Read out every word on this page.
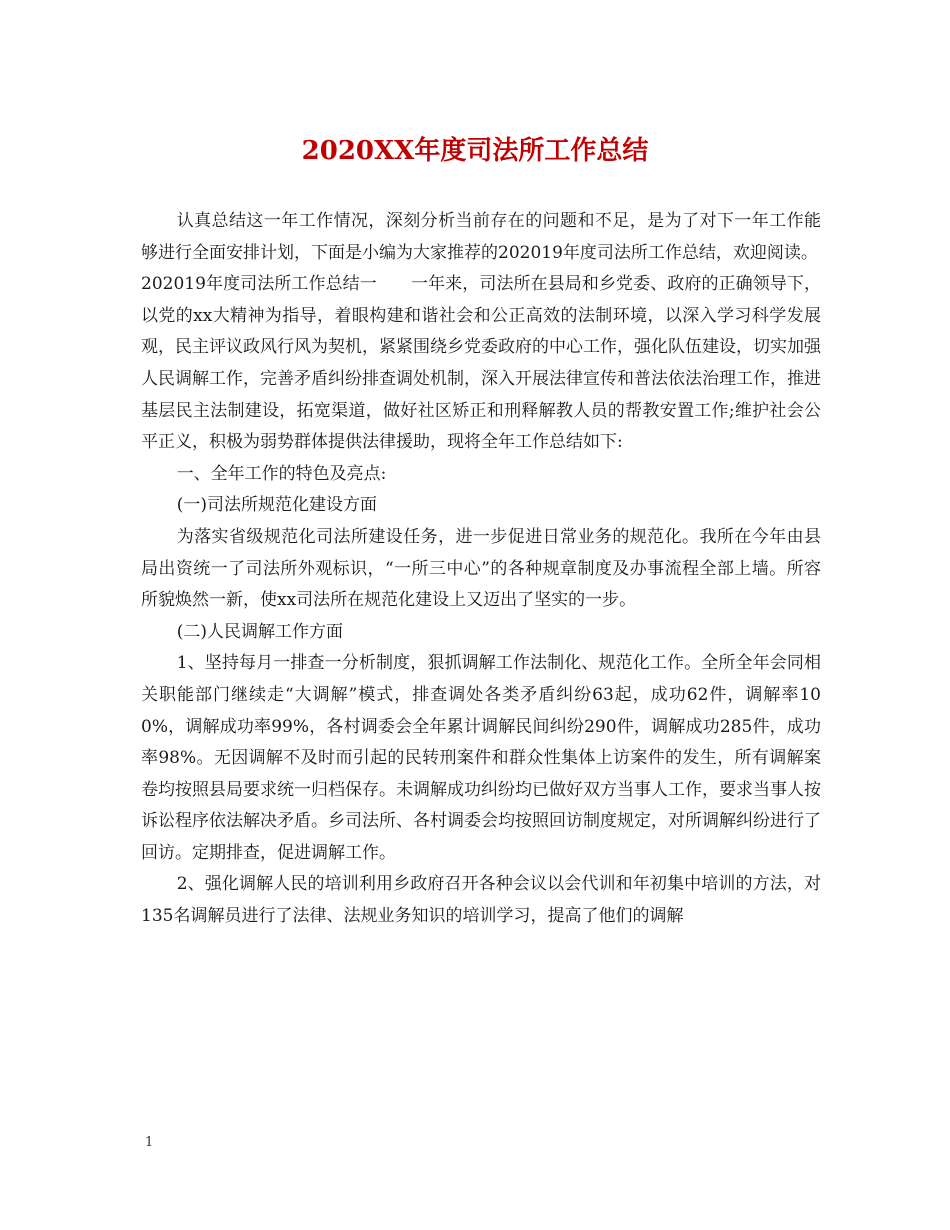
2020XX年度司法所工作总结

认真总结这一年工作情况，深刻分析当前存在的问题和不足，是为了对下一年工作能够进行全面安排计划，下面是小编为大家推荐的202019年度司法所工作总结，欢迎阅读。

202019年度司法所工作总结一　　一年来，司法所在县局和乡党委、政府的正确领导下，以党的xx大精神为指导，着眼构建和谐社会和公正高效的法制环境，以深入学习科学发展观，民主评议政风行风为契机，紧紧围绕乡党委政府的中心工作，强化队伍建设，切实加强人民调解工作，完善矛盾纠纷排查调处机制，深入开展法律宣传和普法依法治理工作，推进基层民主法制建设，拓宽渠道，做好社区矫正和刑释解教人员的帮教安置工作;维护社会公平正义，积极为弱势群体提供法律援助，现将全年工作总结如下:

一、全年工作的特色及亮点:

(一)司法所规范化建设方面

为落实省级规范化司法所建设任务，进一步促进日常业务的规范化。我所在今年由县局出资统一了司法所外观标识，“一所三中心”的各种规章制度及办事流程全部上墙。所容所貌焕然一新，使xx司法所在规范化建设上又迈出了坚实的一步。

(二)人民调解工作方面

1、坚持每月一排查一分析制度，狠抓调解工作法制化、规范化工作。全所全年会同相关职能部门继续走“大调解”模式，排查调处各类矛盾纠纷63起，成功62件，调解率100%，调解成功率99%，各村调委会全年累计调解民间纠纷290件，调解成功285件，成功率98%。无因调解不及时而引起的民转刑案件和群众性集体上访案件的发生，所有调解案卷均按照县局要求统一归档保存。未调解成功纠纷均已做好双方当事人工作，要求当事人按诉讼程序依法解决矛盾。乡司法所、各村调委会均按照回访制度规定，对所调解纠纷进行了回访。定期排查，促进调解工作。

2、强化调解人民的培训利用乡政府召开各种会议以会代训和年初集中培训的方法，对135名调解员进行了法律、法规业务知识的培训学习，提高了他们的调解

1
